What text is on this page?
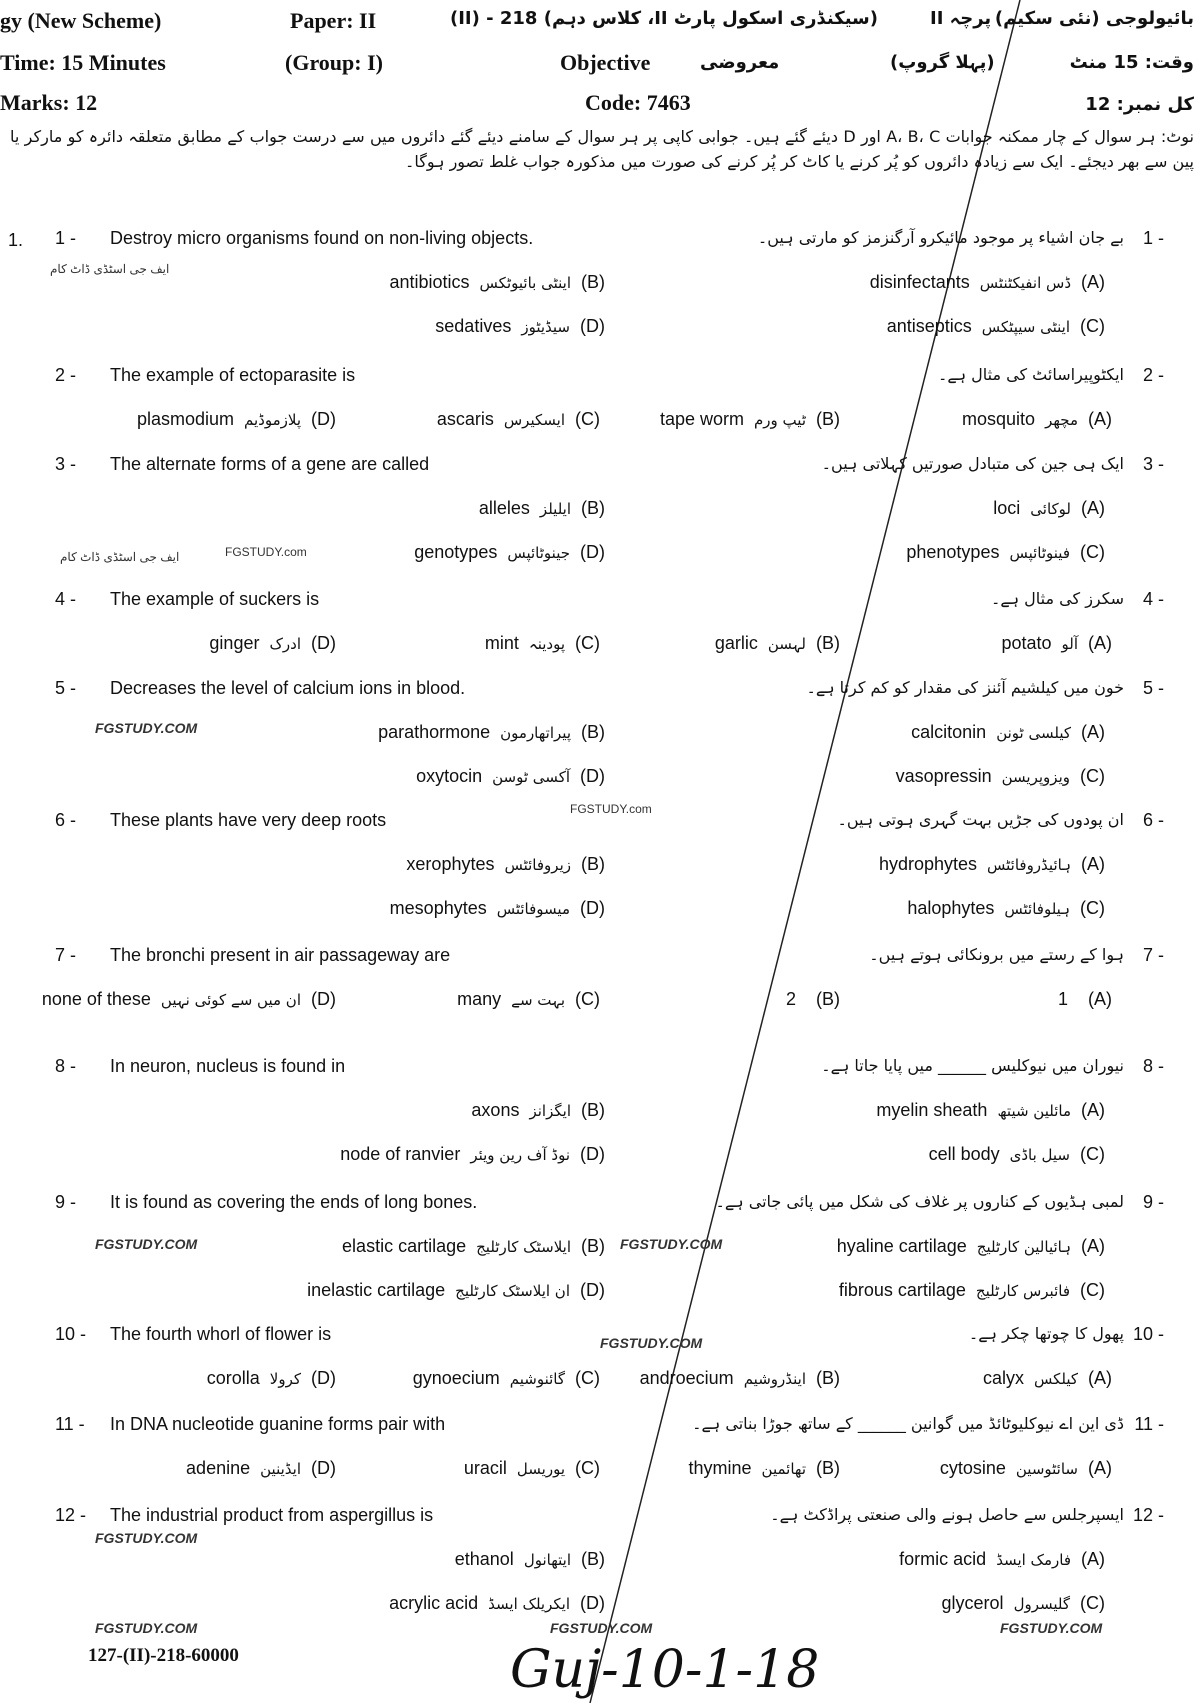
gy (New Scheme)	Paper: II	(سیکنڈری اسکول پارٹ II، کلاس دہم) 218 - (II)	پرچہ II بائیولوجی (نئی سکیم)
Time: 15 Minutes	(Group: I)	Objective	معروضی	(پہلا گروپ)	وقت: 15 منٹ
Marks: 12	Code: 7463	کل نمبر: 12
نوٹ: ہر سوال کے چار ممکنہ جوابات A، B، C اور D دیئے گئے ہیں۔ جوابی کاپی پر ہر سوال کے سامنے دیئے گئے دائروں میں سے درست جواب کے مطابق متعلقہ دائرہ کو مارکر یا پین سے بھر دیجئے۔ ایک سے زیادہ دائروں کو پُر کرنے یا کاٹ کر پُر کرنے کی صورت میں مذکورہ جواب غلط تصور ہوگا۔
1. 1 - Destroy micro organisms found on non-living objects.	بے جان اشیاء پر موجود مائیکرو آرگنزمز کو مارتی ہیں۔ 1 -
disinfectants ڈس انفیکٹنٹس (A)
antibiotics اینٹی بائیوٹکس (B)
antiseptics اینٹی سیپٹکس (C)
sedatives سیڈیٹوز (D)
2 - The example of ectoparasite is	ایکٹوپیراسائٹ کی مثال ہے۔ 2 -
mosquito مچھر (A)
tape worm ٹیپ ورم (B)
ascaris ایسکیرس (C)
plasmodium پلازموڈیم (D)
3 - The alternate forms of a gene are called	ایک ہی جین کی متبادل صورتیں کہلاتی ہیں۔ 3 -
loci لوکائی (A)
alleles ایلیلز (B)
phenotypes فینوٹائپس (C)
genotypes جینوٹائپس (D)
4 - The example of suckers is	سکرز کی مثال ہے۔ 4 -
potato آلو (A)
garlic لہسن (B)
mint پودینہ (C)
ginger ادرک (D)
5 - Decreases the level of calcium ions in blood.	خون میں کیلشیم آئنز کی مقدار کو کم کرتا ہے۔ 5 -
calcitonin کیلسی ٹونن (A)
parathormone پیراتھارمون (B)
vasopressin ویزوپریسن (C)
oxytocin آکسی ٹوسن (D)
6 - These plants have very deep roots	ان پودوں کی جڑیں بہت گہری ہوتی ہیں۔ 6 -
hydrophytes ہائیڈروفائٹس (A)
xerophytes زیروفائٹس (B)
halophytes ہیلوفائٹس (C)
mesophytes میسوفائٹس (D)
7 - The bronchi present in air passageway are	ہوا کے رستے میں برونکائی ہوتے ہیں۔ 7 -
1 (A)
2 (B)
many بہت سے (C)
none of these ان میں سے کوئی نہیں (D)
8 - In neuron, nucleus is found in	نیوران میں نیوکلیس ______ میں پایا جاتا ہے۔ 8 -
myelin sheath مائلین شیتھ (A)
axons ایگزانز (B)
cell body سیل باڈی (C)
node of ranvier نوڈ آف رین ویئر (D)
9 - It is found as covering the ends of long bones.	لمبی ہڈیوں کے کناروں پر غلاف کی شکل میں پائی جاتی ہے۔ 9 -
hyaline cartilage ہائیالین کارٹلیج (A)
elastic cartilage ایلاسٹک کارٹلیج (B)
fibrous cartilage فائبرس کارٹلیج (C)
inelastic cartilage ان ایلاسٹک کارٹلیج (D)
10 - The fourth whorl of flower is	پھول کا چوتھا چکر ہے۔ 10 -
calyx کیلکس (A)
androecium اینڈروشیم (B)
gynoecium گائنوشیم (C)
corolla کرولا (D)
11 - In DNA nucleotide guanine forms pair with	ڈی این اے نیوکلیوٹائڈ میں گوانین ______ کے ساتھ جوڑا بناتی ہے۔ 11 -
cytosine سائٹوسین (A)
thymine تھائمین (B)
uracil یوریسل (C)
adenine ایڈینین (D)
12 - The industrial product from aspergillus is	ایسپرجلس سے حاصل ہونے والی صنعتی پراڈکٹ ہے۔ 12 -
formic acid فارمک ایسڈ (A)
ethanol ایتھانول (B)
glycerol گلیسرول (C)
acrylic acid ایکریلک ایسڈ (D)
FGSTUDY.COM
FGSTUDY.com
FGSTUDY.com
ایف جی اسٹڈی ڈاٹ کام
ایف جی اسٹڈی ڈاٹ کام
FGSTUDY.COM	FGSTUDY.COM
FGSTUDY.COM
FGSTUDY.COM
FGSTUDY.COM	FGSTUDY.COM	FGSTUDY.COM
127-(II)-218-60000	Guj-10-1-18
